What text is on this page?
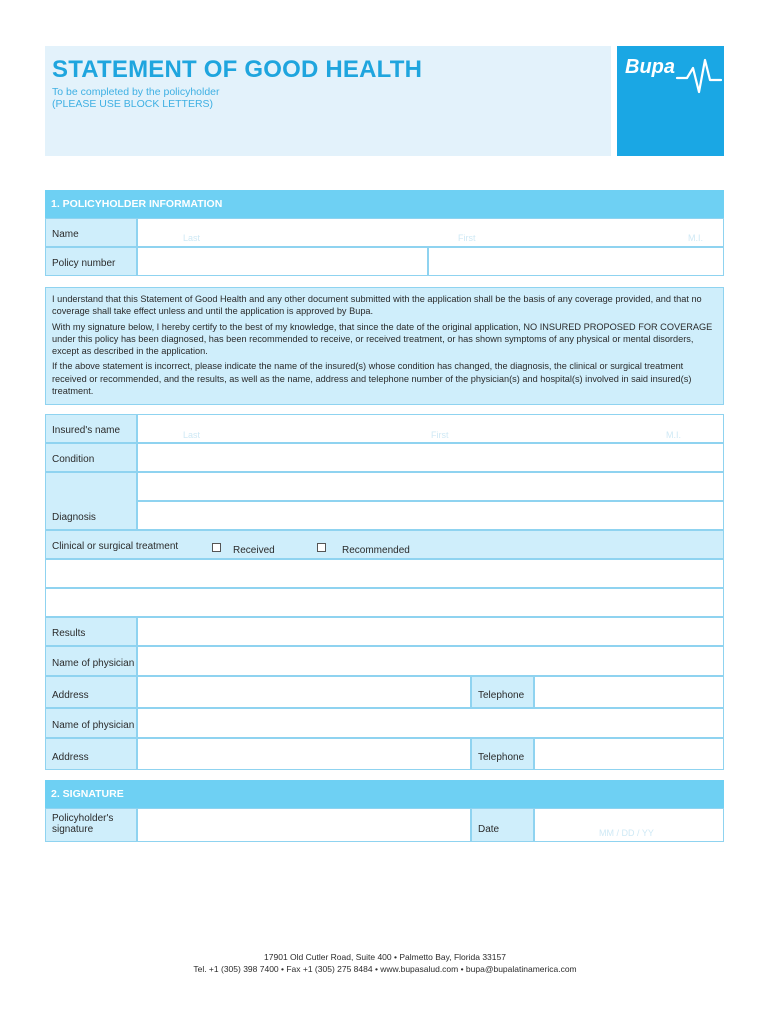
STATEMENT OF GOOD HEALTH
To be completed by the policyholder
(PLEASE USE BLOCK LETTERS)
Bupa
1. POLICYHOLDER INFORMATION
Name	Last	First	M.I.
Policy number

I understand that this Statement of Good Health and any other document submitted with the application shall be the basis of any coverage provided, and that no coverage shall take effect unless and until the application is approved by Bupa.

With my signature below, I hereby certify to the best of my knowledge, that since the date of the original application, NO INSURED PROPOSED FOR COVERAGE under this policy has been diagnosed, has been recommended to receive, or received treatment, or has shown symptoms of any physical or mental disorders, except as described in the application.

If the above statement is incorrect, please indicate the name of the insured(s) whose condition has changed, the diagnosis, the clinical or surgical treatment received or recommended, and the results, as well as the name, address and telephone number of the physician(s) and hospital(s) involved in said insured(s) treatment.

Insured's name	Last	First	M.I.
Condition
Diagnosis
Clinical or surgical treatment	Received	Recommended
Results
Name of physician
Address	Telephone
Name of physician
Address	Telephone
2. SIGNATURE
Policyholder's
signature	Date	MM / DD / YY
17901 Old Cutler Road, Suite 400 • Palmetto Bay, Florida 33157
Tel. +1 (305) 398 7400 • Fax +1 (305) 275 8484 • www.bupasalud.com • bupa@bupalatinamerica.com
